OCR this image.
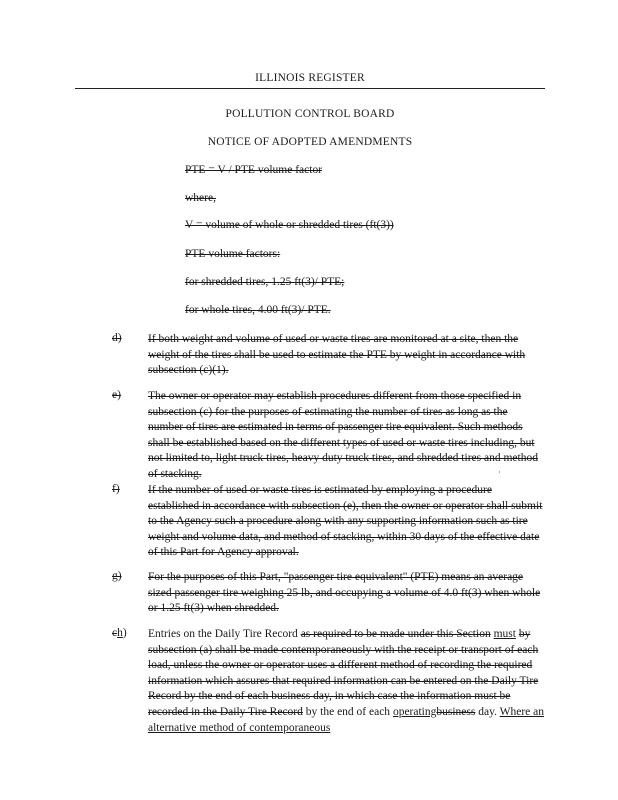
ILLINOIS REGISTER
POLLUTION CONTROL BOARD
NOTICE OF ADOPTED AMENDMENTS
PTE = V / PTE volume factor
where,
V = volume of whole or shredded tires (ft(3))
PTE volume factors:
for shredded tires, 1.25 ft(3)/ PTE;
for whole tires, 4.00 ft(3)/ PTE.
d) If both weight and volume of used or waste tires are monitored at a site, then the weight of the tires shall be used to estimate the PTE by weight in accordance with subsection (c)(1).
e) The owner or operator may establish procedures different from those specified in subsection (c) for the purposes of estimating the number of tires as long as the number of tires are estimated in terms of passenger tire equivalent. Such methods shall be established based on the different types of used or waste tires including, but not limited to, light truck tires, heavy duty truck tires, and shredded tires and method of stacking.	·
f) If the number of used or waste tires is estimated by employing a procedure established in accordance with subsection (e), then the owner or operator shall submit to the Agency such a procedure along with any supporting information such as tire weight and volume data, and method of stacking, within 30 days of the effective date of this Part for Agency approval.
g) For the purposes of this Part, "passenger tire equivalent" (PTE) means an average sized passenger tire weighing 25 lb, and occupying a volume of 4.0 ft(3) when whole or 1.25 ft(3) when shredded.
ch) Entries on the Daily Tire Record as required to be made under this Section must by subsection (a) shall be made contemporaneously with the receipt or transport of each load, unless the owner or operator uses a different method of recording the required information which assures that required information can be entered on the Daily Tire Record by the end of each business day, in which case the information must be recorded in the Daily Tire Record by the end of each operatingbusiness day. Where an alternative method of contemporaneous
